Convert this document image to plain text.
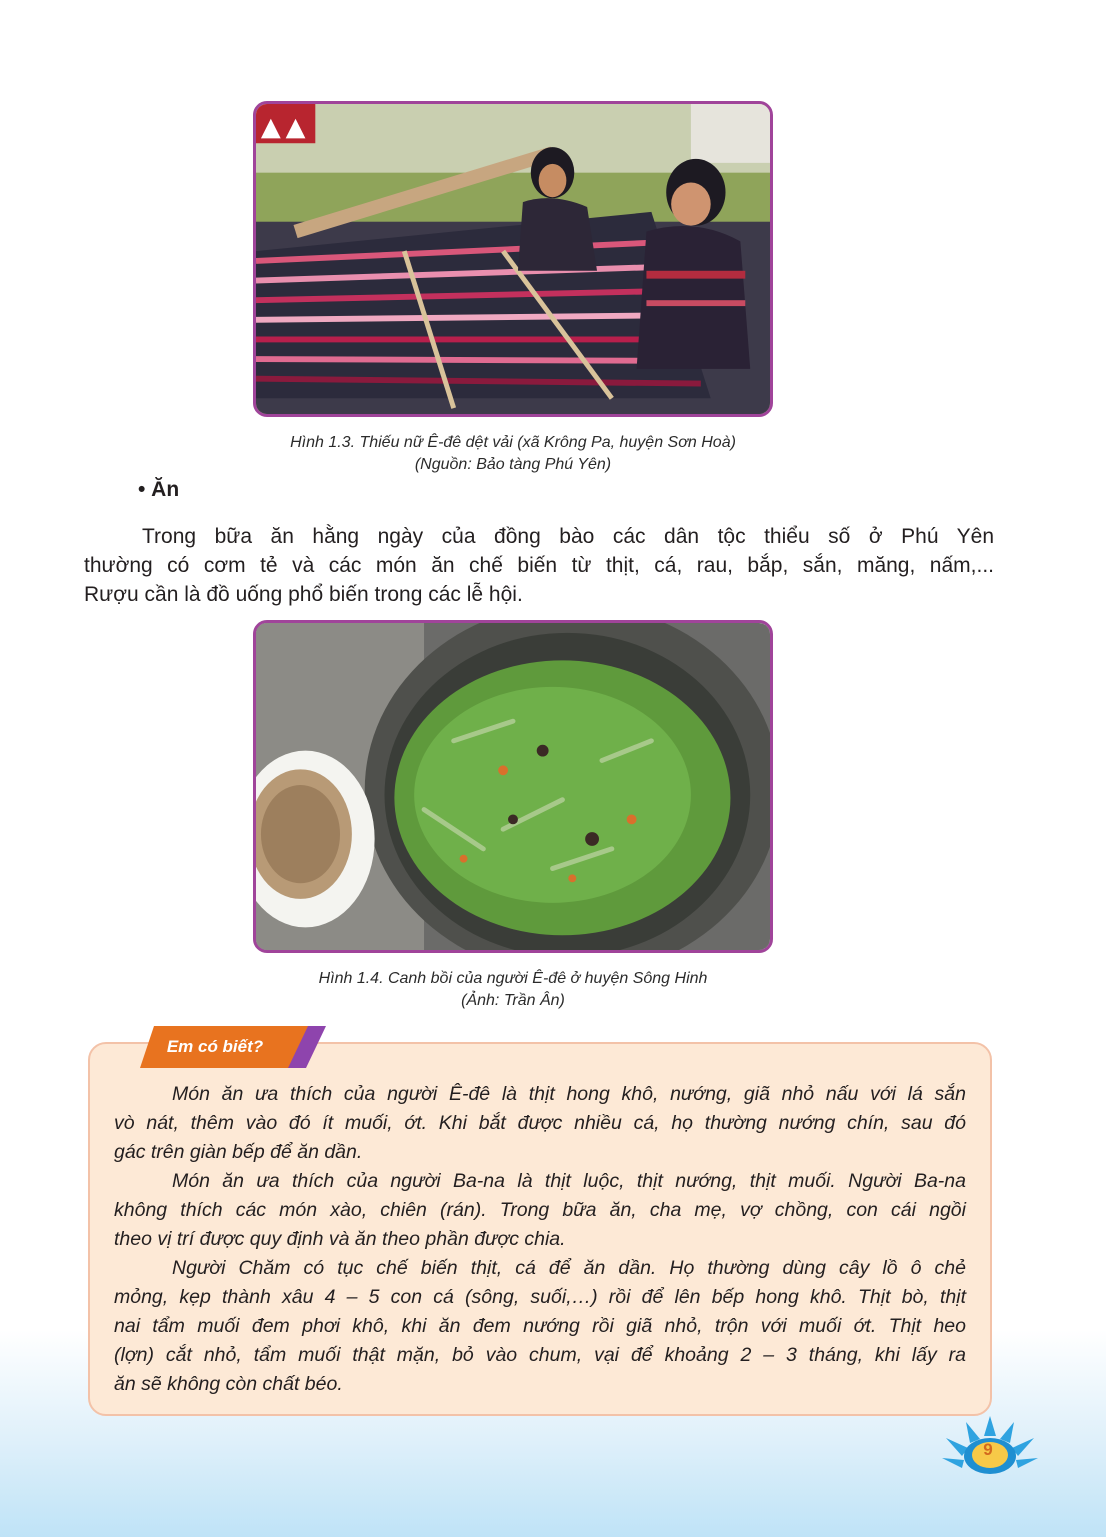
Hình 1.3. Thiếu nữ Ê-đê dệt vải (xã Krông Pa, huyện Sơn Hoà)
(Nguồn: Bảo tàng Phú Yên)
• Ăn
Trong bữa ăn hằng ngày của đồng bào các dân tộc thiểu số ở Phú Yên
thường có cơm tẻ và các món ăn chế biến từ thịt, cá, rau, bắp, sắn, măng, nấm,...
Rượu cần là đồ uống phổ biến trong các lễ hội.
Hình 1.4. Canh bồi của người Ê-đê ở huyện Sông Hinh
(Ảnh: Trần Ân)
Em có biết?
Món ăn ưa thích của người Ê-đê là thịt hong khô, nướng, giã nhỏ nấu với lá sắn
vò nát, thêm vào đó ít muối, ớt. Khi bắt được nhiều cá, họ thường nướng chín, sau đó
gác trên giàn bếp để ăn dần.
Món ăn ưa thích của người Ba-na là thịt luộc, thịt nướng, thịt muối. Người Ba-na
không thích các món xào, chiên (rán). Trong bữa ăn, cha mẹ, vợ chồng, con cái ngồi
theo vị trí được quy định và ăn theo phần được chia.
Người Chăm có tục chế biến thịt, cá để ăn dần. Họ thường dùng cây lồ ô chẻ
mỏng, kẹp thành xâu 4 – 5 con cá (sông, suối,…) rồi để lên bếp hong khô. Thịt bò, thịt
nai tẩm muối đem phơi khô, khi ăn đem nướng rồi giã nhỏ, trộn với muối ớt. Thịt heo
(lợn) cắt nhỏ, tẩm muối thật mặn, bỏ vào chum, vại để khoảng 2 – 3 tháng, khi lấy ra
ăn sẽ không còn chất béo.
9
